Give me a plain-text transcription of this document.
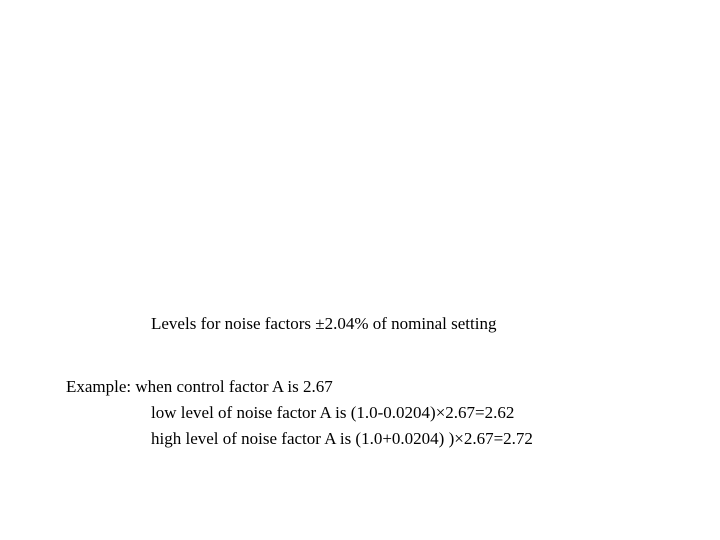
Levels for noise factors ±2.04% of nominal setting
Example: when control factor A is 2.67
low level of noise factor A is (1.0-0.0204)×2.67=2.62
high level of noise factor A is (1.0+0.0204) )×2.67=2.72
